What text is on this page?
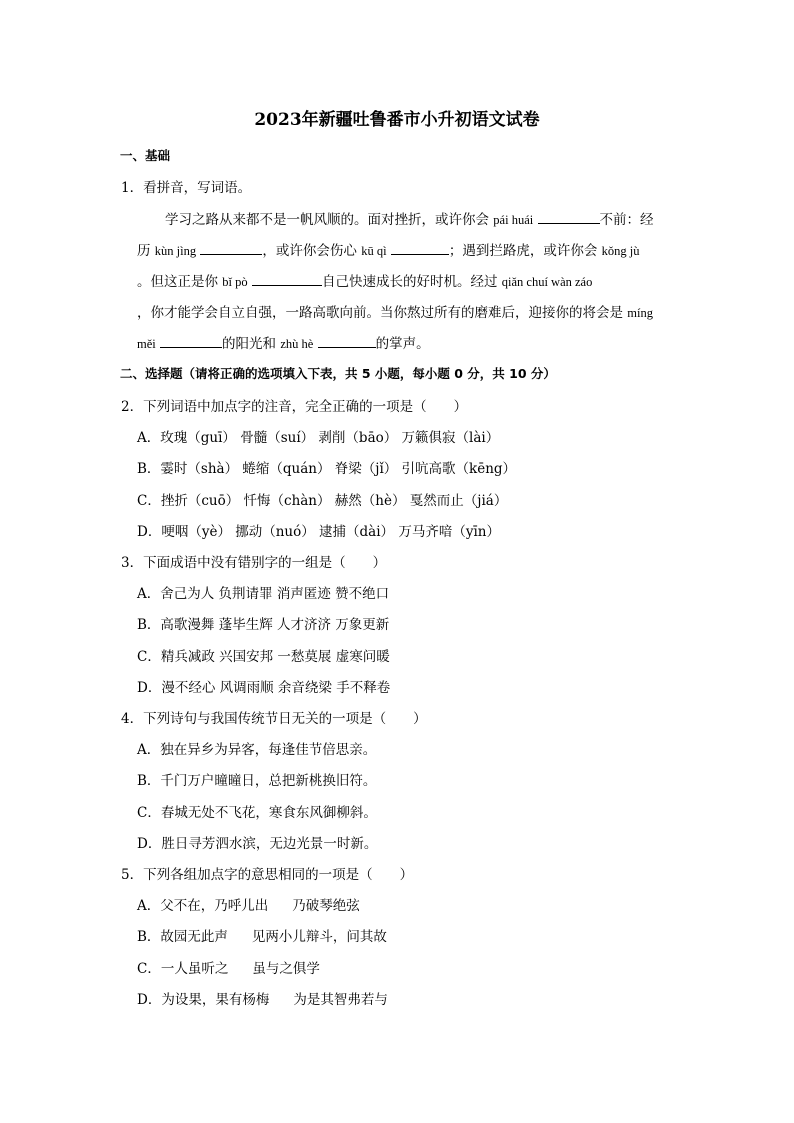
2023年新疆吐鲁番市小升初语文试卷
一、基础
1．看拼音，写词语。
学习之路从来都不是一帆风顺的。面对挫折，或许你会 pái huái	不前：经
历 kùn jìng	，或许你会伤心 kū qì	；遇到拦路虎，或许你会 kǒng jù
。但这正是你 bǐ pò	自己快速成长的好时机。经过 qiǎn chuí wàn záo
，你才能学会自立自强，一路高歌向前。当你熬过所有的磨难后，迎接你的将会是 míng
měi	的阳光和 zhù hè	的掌声。
二、选择题（请将正确的选项填入下表，共 5 小题，每小题 0 分，共 10 分）
2．下列词语中加点字的注音，完全正确的一项是（　　）
A．玫瑰（guī） 骨髓（suí） 剥削（bāo） 万籁俱寂（lài）
B．霎时（shà） 蜷缩（quán） 脊梁（jǐ） 引吭高歌（kēng）
C．挫折（cuō） 忏悔（chàn） 赫然（hè） 戛然而止（jiá）
D．哽咽（yè） 挪动（nuó） 逮捕（dài） 万马齐喑（yīn）
3．下面成语中没有错别字的一组是（　　）
A．舍己为人 负荆请罪 消声匿迹 赞不绝口
B．高歌漫舞 蓬毕生辉 人才济济 万象更新
C．精兵减政 兴国安邦 一愁莫展 虚寒问暖
D．漫不经心 风调雨顺 余音绕梁 手不释卷
4．下列诗句与我国传统节日无关的一项是（　　）
A．独在异乡为异客，每逢佳节倍思亲。
B．千门万户曈曈日，总把新桃换旧符。
C．春城无处不飞花，寒食东风御柳斜。
D．胜日寻芳泗水滨，无边光景一时新。
5．下列各组加点字的意思相同的一项是（　　）
A．父不在，乃呼儿出 乃破琴绝弦
B．故园无此声 见两小儿辩斗，问其故
C．一人虽听之 虽与之俱学
D．为设果，果有杨梅 为是其智弗若与
